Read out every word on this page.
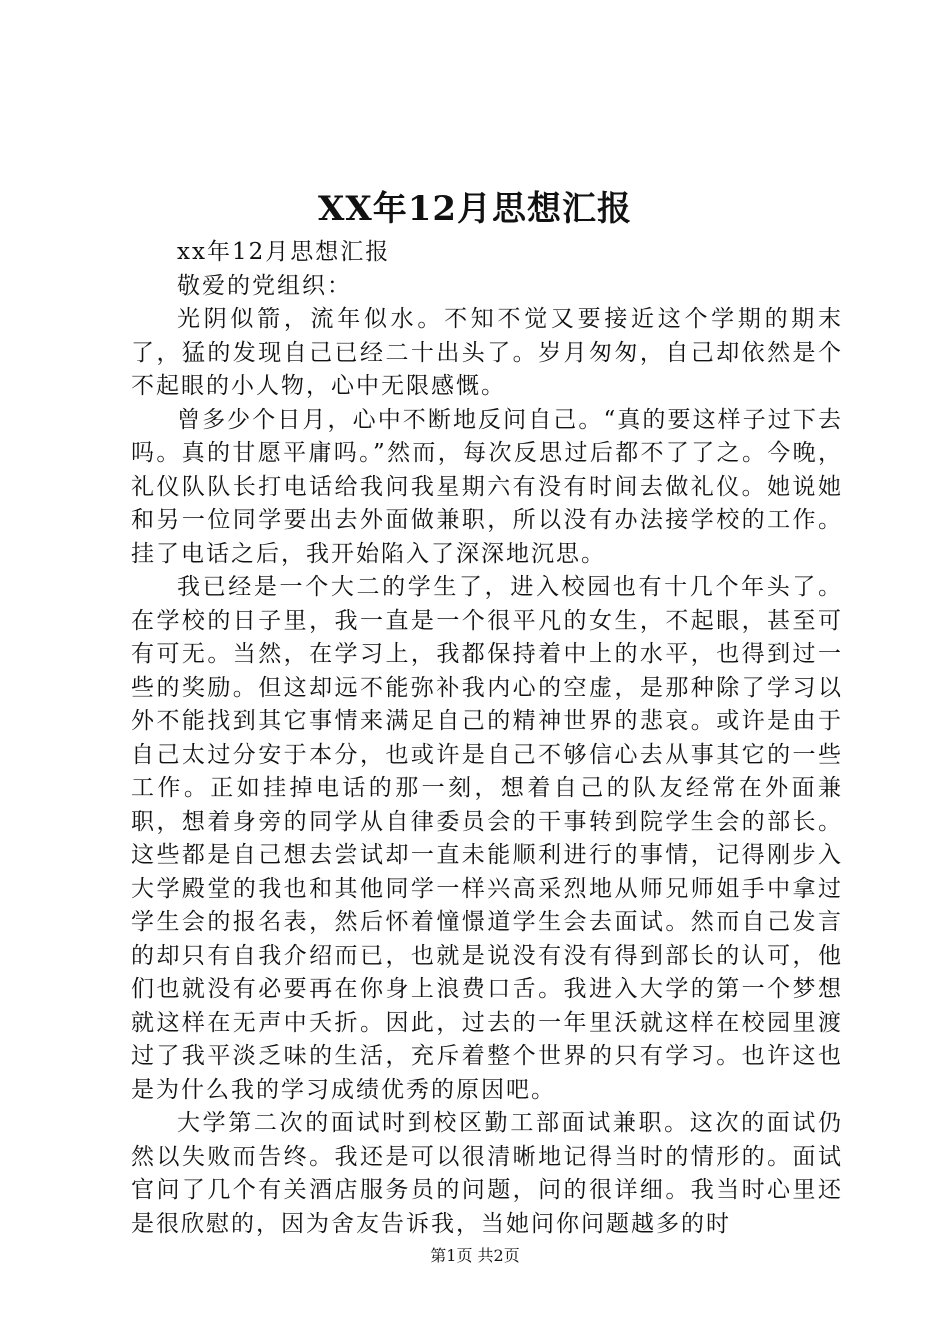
XX年12月思想汇报

xx年12月思想汇报

敬爱的党组织：

光阴似箭，流年似水。不知不觉又要接近这个学期的期末了，猛的发现自己已经二十出头了。岁月匆匆，自己却依然是个不起眼的小人物，心中无限感慨。

曾多少个日月，心中不断地反问自己。“真的要这样子过下去吗。真的甘愿平庸吗。”然而，每次反思过后都不了了之。今晚，礼仪队队长打电话给我问我星期六有没有时间去做礼仪。她说她和另一位同学要出去外面做兼职，所以没有办法接学校的工作。挂了电话之后，我开始陷入了深深地沉思。

我已经是一个大二的学生了，进入校园也有十几个年头了。在学校的日子里，我一直是一个很平凡的女生，不起眼，甚至可有可无。当然，在学习上，我都保持着中上的水平，也得到过一些的奖励。但这却远不能弥补我内心的空虚，是那种除了学习以外不能找到其它事情来满足自己的精神世界的悲哀。或许是由于自己太过分安于本分，也或许是自己不够信心去从事其它的一些工作。正如挂掉电话的那一刻，想着自己的队友经常在外面兼职，想着身旁的同学从自律委员会的干事转到院学生会的部长。这些都是自己想去尝试却一直未能顺利进行的事情，记得刚步入大学殿堂的我也和其他同学一样兴高采烈地从师兄师姐手中拿过学生会的报名表，然后怀着憧憬道学生会去面试。然而自己发言的却只有自我介绍而已，也就是说没有没有得到部长的认可，他们也就没有必要再在你身上浪费口舌。我进入大学的第一个梦想就这样在无声中夭折。因此，过去的一年里沃就这样在校园里渡过了我平淡乏味的生活，充斥着整个世界的只有学习。也许这也是为什么我的学习成绩优秀的原因吧。

大学第二次的面试时到校区勤工部面试兼职。这次的面试仍然以失败而告终。我还是可以很清晰地记得当时的情形的。面试官问了几个有关酒店服务员的问题，问的很详细。我当时心里还是很欣慰的，因为舍友告诉我，当她问你问题越多的时

第1页 共2页
